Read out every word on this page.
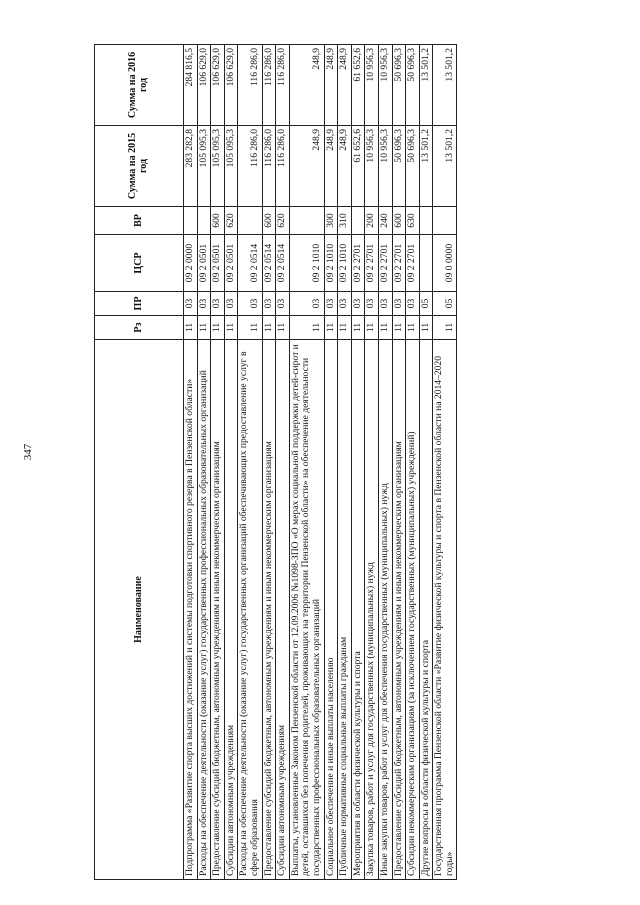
347
Наименование	Рз	ПР	ЦСР	ВР	Сумма на 2015 год	Сумма на 2016 год
Подпрограмма «Развитие спорта высших достижений и системы подготовки спортивного резерва в Пензенской области»	11	03	09 2 0000		283 282,8	284 816,5
Расходы на обеспечение деятельности (оказание услуг) государственных профессиональных образовательных организаций	11	03	09 2 0501		105 095,3	106 629,0
Предоставление субсидий бюджетным, автономным учреждениям и иным некоммерческим организациям	11	03	09 2 0501	600	105 095,3	106 629,0
Субсидии автономным учреждениям	11	03	09 2 0501	620	105 095,3	106 629,0
Расходы на обеспечение деятельности (оказание услуг) государственных организаций обеспечивающих предоставление услуг в сфере образования	11	03	09 2 0514		116 286,0	116 286,0
Предоставление субсидий бюджетным, автономным учреждениям и иным некоммерческим организациям	11	03	09 2 0514	600	116 286,0	116 286,0
Субсидии автономным учреждениям	11	03	09 2 0514	620	116 286,0	116 286,0
Выплаты, установленные Законом Пензенской области от 12.09.2006 №1098-ЗПО «О мерах социальной поддержки детей-сирот и детей, оставшихся без попечения родителей, проживающих на территории Пензенской области» на обеспечение деятельности государственных профессиональных образовательных организаций	11	03	09 2 1010		248,9	248,9
Социальное обеспечение и иные выплаты населению	11	03	09 2 1010	300	248,9	248,9
Публичные нормативные социальные выплаты гражданам	11	03	09 2 1010	310	248,9	248,9
Мероприятия в области физической культуры и спорта	11	03	09 2 2701		61 652,6	61 652,6
Закупка товаров, работ и услуг для государственных (муниципальных) нужд	11	03	09 2 2701	200	10 956,3	10 956,3
Иные закупки товаров, работ и услуг для обеспечения государственных (муниципальных) нужд	11	03	09 2 2701	240	10 956,3	10 956,3
Предоставление субсидий бюджетным, автономным учреждениям и иным некоммерческим организациям	11	03	09 2 2701	600	50 696,3	50 696,3
Субсидии некоммерческим организациям (за исключением государственных (муниципальных) учреждений)	11	03	09 2 2701	630	50 696,3	50 696,3
Другие вопросы в области физической культуры и спорта	11	05			13 501,2	13 501,2
Государственная программа Пензенской области «Развитие физической культуры и спорта в Пензенской области на 2014–2020 годы»	11	05	09 0 0000		13 501,2	13 501,2
